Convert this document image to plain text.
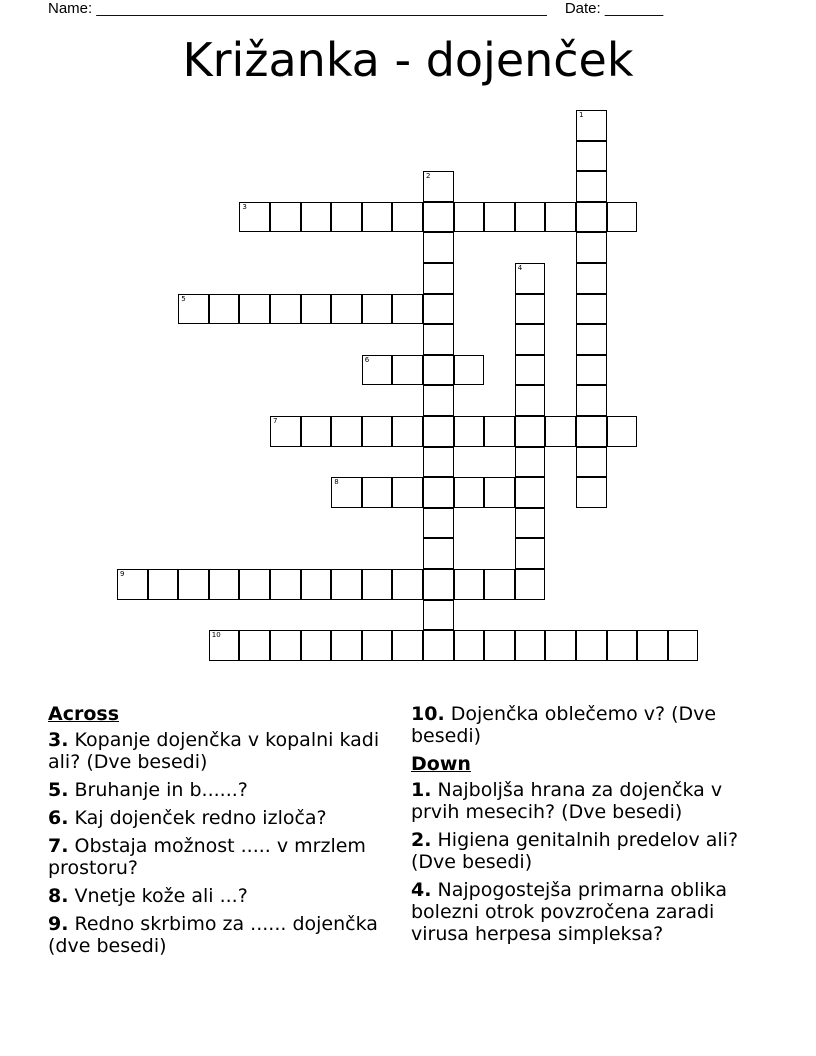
Name: ______________________________________________________ Date: _______
Križanka - dojenček
1
2
3
4
5
6
7
8
9
10
Across
3. Kopanje dojenčka v kopalni kadi ali? (Dve besedi)
5. Bruhanje in b......?
6. Kaj dojenček redno izloča?
7. Obstaja možnost ..... v mrzlem prostoru?
8. Vnetje kože ali ...?
9. Redno skrbimo za ...... dojenčka (dve besedi)
10. Dojenčka oblečemo v? (Dve besedi)
Down
1. Najboljša hrana za dojenčka v prvih mesecih? (Dve besedi)
2. Higiena genitalnih predelov ali? (Dve besedi)
4. Najpogostejša primarna oblika bolezni otrok povzročena zaradi virusa herpesa simpleksa?
